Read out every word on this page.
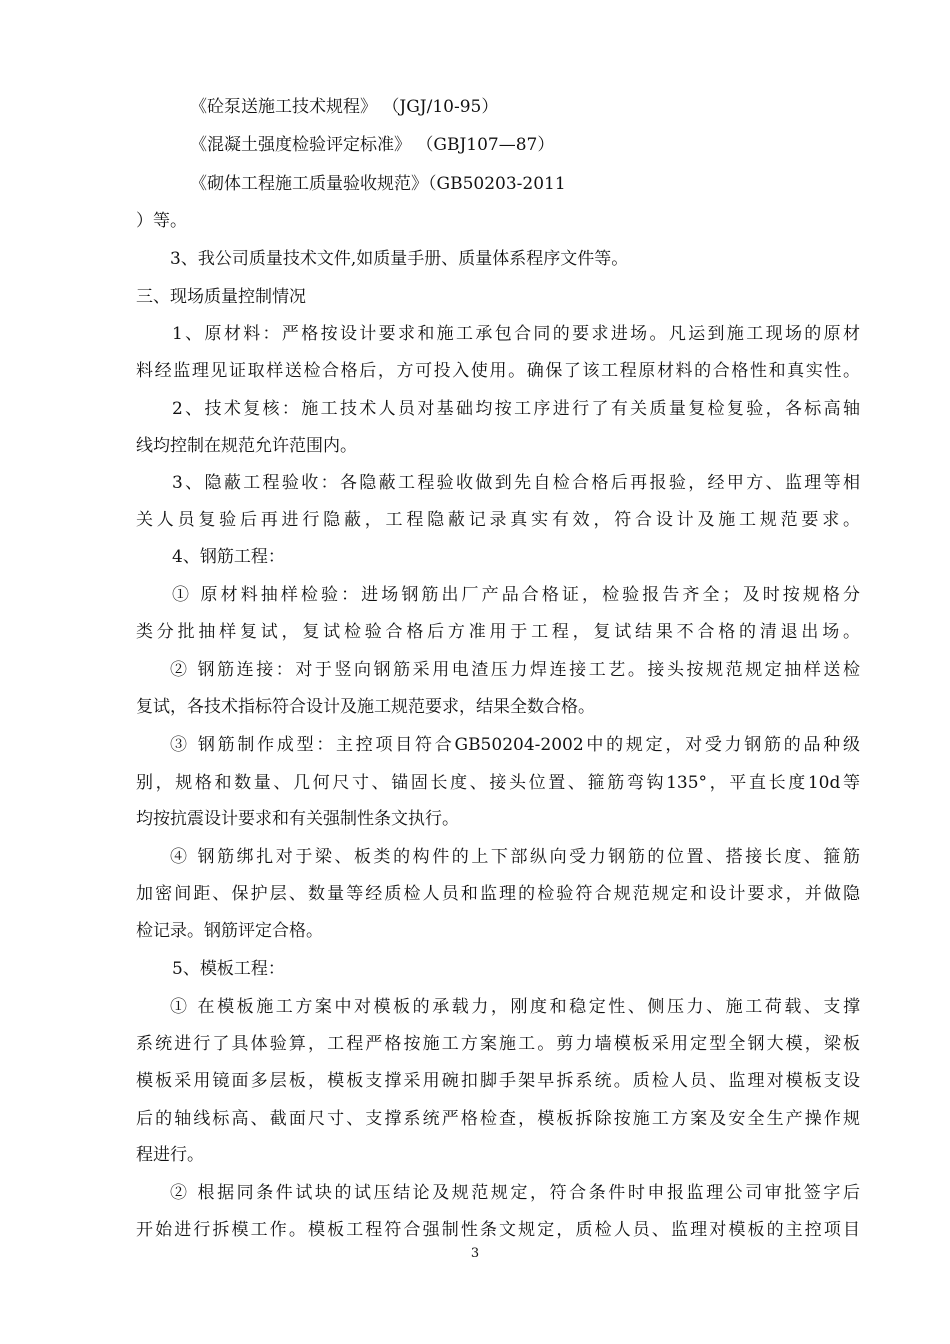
《砼泵送施工技术规程》 （JGJ/10-95）
《混凝土强度检验评定标准》 （GBJ107—87）
《砌体工程施工质量验收规范》（GB50203-2011
）等。
3、我公司质量技术文件,如质量手册、质量体系程序文件等。
三、现场质量控制情况
1、原材料：严格按设计要求和施工承包合同的要求进场。凡运到施工现场的原材
料经监理见证取样送检合格后，方可投入使用。确保了该工程原材料的合格性和真实性。
2、技术复核：施工技术人员对基础均按工序进行了有关质量复检复验，各标高轴
线均控制在规范允许范围内。
3、隐蔽工程验收：各隐蔽工程验收做到先自检合格后再报验，经甲方、监理等相
关人员复验后再进行隐蔽，工程隐蔽记录真实有效，符合设计及施工规范要求。
4、钢筋工程：
① 原材料抽样检验：进场钢筋出厂产品合格证，检验报告齐全；及时按规格分
类分批抽样复试，复试检验合格后方准用于工程，复试结果不合格的清退出场。
② 钢筋连接：对于竖向钢筋采用电渣压力焊连接工艺。接头按规范规定抽样送检
复试，各技术指标符合设计及施工规范要求，结果全数合格。
③ 钢筋制作成型：主控项目符合GB50204-2002中的规定，对受力钢筋的品种级
别，规格和数量、几何尺寸、锚固长度、接头位置、箍筋弯钩135°，平直长度10d等
均按抗震设计要求和有关强制性条文执行。
④ 钢筋绑扎对于梁、板类的构件的上下部纵向受力钢筋的位置、搭接长度、箍筋
加密间距、保护层、数量等经质检人员和监理的检验符合规范规定和设计要求，并做隐
检记录。钢筋评定合格。
5、模板工程：
① 在模板施工方案中对模板的承载力，刚度和稳定性、侧压力、施工荷载、支撑
系统进行了具体验算，工程严格按施工方案施工。剪力墙模板采用定型全钢大模，梁板
模板采用镜面多层板，模板支撑采用碗扣脚手架早拆系统。质检人员、监理对模板支设
后的轴线标高、截面尺寸、支撑系统严格检查，模板拆除按施工方案及安全生产操作规
程进行。
② 根据同条件试块的试压结论及规范规定，符合条件时申报监理公司审批签字后
开始进行拆模工作。模板工程符合强制性条文规定，质检人员、监理对模板的主控项目
3
